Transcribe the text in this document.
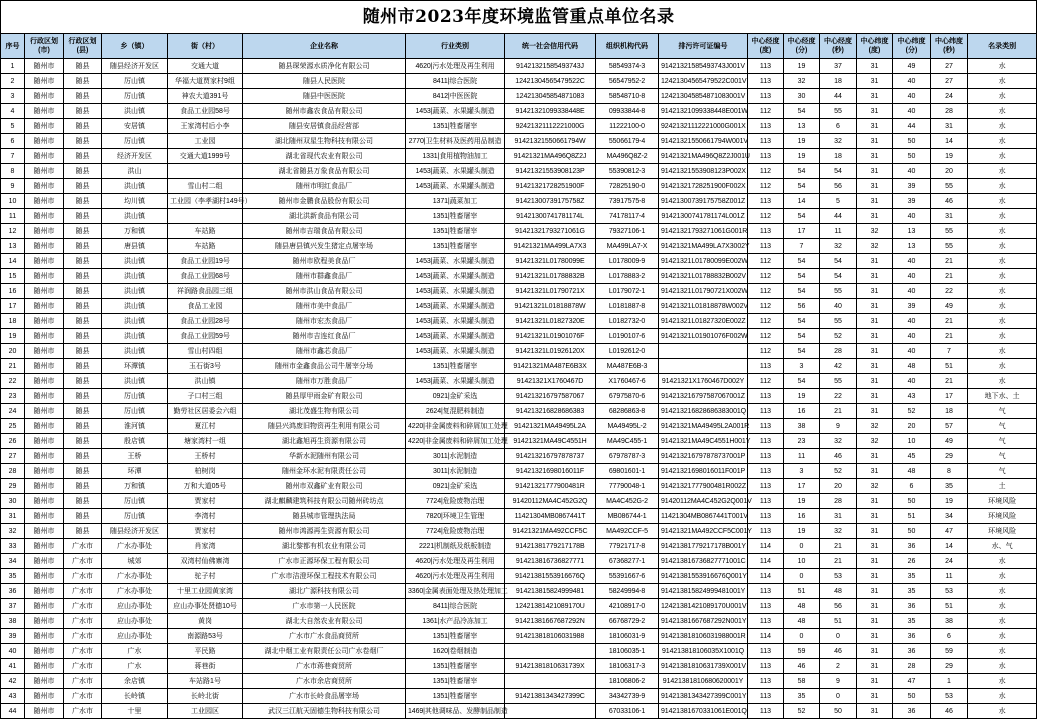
随州市2023年度环境监管重点单位名录																
序号	行政区划(市)	行政区划(县)	乡（镇）	街（村）	企业名称	行业类别	统一社会信用代码	组织机构代码	排污许可证编号	中心经度(度)	中心经度(分)	中心经度(秒)	中心纬度(度)	中心纬度(分)	中心纬度(秒)	名录类别
1	随州市	随县	随县经济开发区	交通大道	随县琛荣源水质净化有限公司	4620|污水处理及再生利用	91421321585493743J	58549374-3	91421321585493743J001V	113	19	37	31	49	27	水
2	随州市	随县	厉山镇	华福大道贾家村9组	随县人民医院	8411|综合医院	12421304565479522C	56547952-2	12421304565479522C001V	113	32	18	31	40	27	水
3	随州市	随县	厉山镇	神农大道391号	随县中医医院	8412|中医医院	124213045854871083	58548710-8	124213045854871083001V	113	30	44	31	40	24	水
4	随州市	随县	洪山镇	食品工业园58号	随州市鑫农食品有限公司	1453|蔬菜、水果罐头制造	91421321099338448E	09933844-8	91421321099338448E001W	112	54	55	31	40	28	水
5	随州市	随县	安居镇	王家湾村后小李	随县安居镇食品经营部	1351|牲畜屠宰	92421321112221000G	11222100-0	92421321112221000G001X	113	13	6	31	44	31	水
6	随州市	随县	厉山镇	工业园	湖北随州双星生物科技有限公司	2770|卫生材料及医药用品制造	91421321550661794W	55066179-4	91421321550661794W001V	113	19	32	31	50	14	水
7	随州市	随县	经济开发区	交通大道1999号	湖北省现代农业有限公司	1331|食用植物油加工	91421321MA496Q8Z2J	MA496Q8Z-2	91421321MA496Q8Z2J001U	113	19	18	31	50	19	水
8	随州市	随县	洪山		湖北省随县万象食品有限公司	1453|蔬菜、水果罐头制造	91421321553908123P	55390812-3	91421321553908123P002X	112	54	54	31	40	20	水
9	随州市	随县	洪山镇	雪山村二组	随州市明红食品厂	1453|蔬菜、水果罐头制造	91421321728251900F	72825190-0	91421321728251900F002X	112	54	56	31	39	55	水
10	随州市	随县	均川镇	工业园（李孝湖村149号）	随州市金鹏食品股份有限公司	1371|蔬菜加工	91421300739175758Z	73917575-8	91421300739175758Z001Z	113	14	5	31	39	46	水
11	随州市	随县	洪山镇		湖北洪新食品有限公司	1351|牲畜屠宰	91421300741781174L	74178117-4	91421300741781174L001Z	112	54	44	31	40	31	水
12	随州市	随县	万和镇	车站路	随州市吉瑞食品有限公司	1351|牲畜屠宰	91421321793271061G	79327106-1	91421321793271061G001R	113	17	11	32	13	55	水
13	随州市	随县	唐县镇	车站路	随县唐县镇兴发生猪定点屠宰场	1351|牲畜屠宰	91421321MA499LA7X3	MA499LA7-X	91421321MA499LA7X3002Y	113	7	32	32	13	55	水
14	随州市	随县	洪山镇	食品工业园19号	随州市欧程美食品厂	1453|蔬菜、水果罐头制造	91421321L01780099E	L0178009-9	91421321L01780099E002W	112	54	54	31	40	21	水
15	随州市	随县	洪山镇	食品工业园68号	随州市群鑫食品厂	1453|蔬菜、水果罐头制造	91421321L01788832B	L0178883-2	91421321L01788832B002V	112	54	54	31	40	21	水
16	随州市	随县	洪山镇	祥润路食品园三组	随州市洪山食品有限公司	1453|蔬菜、水果罐头制造	91421321L01790721X	L0179072-1	91421321L01790721X002W	112	54	55	31	40	22	水
17	随州市	随县	洪山镇	食品工业园	随州市美中食品厂	1453|蔬菜、水果罐头制造	91421321L01818878W	L0181887-8	91421321L01818878W002V	112	56	40	31	39	49	水
18	随州市	随县	洪山镇	食品工业园28号	随州市宏杰食品厂	1453|蔬菜、水果罐头制造	91421321L01827320E	L0182732-0	91421321L01827320E002Z	112	54	55	31	40	21	水
19	随州市	随县	洪山镇	食品工业园59号	随州市吉连红食品厂	1453|蔬菜、水果罐头制造	91421321L01901076F	L0190107-6	91421321L01901076F002W	112	54	52	31	40	21	水
20	随州市	随县	洪山镇	雪山村四组	随州市鑫芯食品厂	1453|蔬菜、水果罐头制造	91421321L01926120X	L0192612-0		112	54	28	31	40	7	水
21	随州市	随县	环潭镇	玉石街3号	随州市金鑫食品公司牛屠宰分场	1351|牲畜屠宰	91421321MA487E6B3X	MA487E6B-3		113	3	42	31	48	51	水
22	随州市	随县	洪山镇	洪山镇	随州市万胜食品厂	1453|蔬菜、水果罐头制造	91421321X1760467D	X1760467-6	91421321X1760467D002Y	112	54	55	31	40	21	水
23	随州市	随县	厉山镇	子口村三组	随县厚甲雨金矿有限公司	0921|金矿采选	914213216797587067	67975870-6	914213216797587067001Z	113	19	22	31	43	17	地下水、土
24	随州市	随县	厉山镇	勤劳社区居委会六组	湖北茂盛生物有限公司	2624|复混肥料制造	914213216828686383	68286863-8	914213216828686383001Q	113	16	21	31	52	18	气
25	随州市	随县	淮河镇	夏江村	随县兴鸿废旧物资再生利用有限公司	4220|非金属废料和碎屑加工处理	91421321MA49495L2A	MA49495L-2	91421321MA49495L2A001R	113	38	9	32	20	57	气
26	随州市	随县	殷店镇	塘家湾村一组	湖北鑫旭再生资源有限公司	4220|非金属废料和碎屑加工处理	91421321MA49C4551H	MA49C455-1	91421321MA49C4551H001Y	113	23	32	32	10	49	气
27	随州市	随县	王桥	王桥村	华新水泥随州有限公司	3011|水泥制造	914213216797878737	67978787-3	914213216797878737001P	113	11	46	31	45	29	气
28	随州市	随县	环潭	柏树岗	随州金环水泥有限责任公司	3011|水泥制造	91421321698016011F	69801601-1	91421321698016011F001P	113	3	52	31	48	8	气
29	随州市	随县	万和镇	万和大道05号	随州市双鑫矿业有限公司	0921|金矿采选	91421321777900481R	77790048-1	91421321777900481R002Z	113	17	20	32	6	35	土
30	随州市	随县	厉山镇	贾家村	湖北麒麟建筑科技有限公司随州砖坊点	7724|危险废物治理	91420112MA4C452G2Q	MA4C452G-2	91420112MA4C452G2Q001V	113	19	28	31	50	19	环境风险
31	随州市	随县	厉山镇	李湾村	随县城市管理执法局	7820|环境卫生管理	11421304MB0867441T	MB086744-1	11421304MB0867441T001V	113	16	31	31	51	34	环境风险
32	随州市	随县	随县经济开发区	贾家村	随州市鸿源再生资源有限公司	7724|危险废物治理	91421321MA492CCF5C	MA492CCF-5	91421321MA492CCF5C001Y	113	19	32	31	50	47	环境风险
33	随州市	广水市	广水办事处	肖家湾	湖北黎都有机农业有限公司	2221|机制纸及纸板制造	91421381779217178B	77921717-8	91421381779217178B001Y	114	0	21	31	36	14	水、气
34	随州市	广水市	城郊	双湾村仙佛寨湾	广水市正源环保工程有限公司	4620|污水处理及再生利用	914213816736827771	67368277-1	914213816736827771001C	114	10	21	31	26	24	水
35	随州市	广水市	广水办事处	驼子村	广水市洁澄环保工程技术有限公司	4620|污水处理及再生利用	91421381553916676Q	55391667-6	91421381553916676Q001Y	114	0	53	31	35	11	水
36	随州市	广水市	广水办事处	十里工业园黄家湾	湖北广源科技有限公司	3360|金属表面处理及热处理加工	914213815824999481	58249994-8	914213815824999481001Y	113	51	48	31	35	53	水
37	随州市	广水市	应山办事处	应山办事处贤德10号	广水市第一人民医院	8411|综合医院	12421381421089170U	42108917-0	12421381421089170U001V	113	48	56	31	36	51	水
38	随州市	广水市	应山办事处	黄岗	湖北大自然农业有限公司	1361|水产品冷冻加工	91421381667687292N	66768729-2	91421381667687292N001Y	113	48	51	31	35	38	水
39	随州市	广水市	应山办事处	南源路53号	广水市广水食品商贸所	1351|牲畜屠宰	914213818106031988	18106031-9	914213818106031988001R	114	0	0	31	36	6	水
40	随州市	广水市	广水	平民路	湖北中烟工业有限责任公司广水卷烟厂	1620|卷烟制造		18106035-1	914213818106035X1001Q	113	59	46	31	36	59	水
41	随州市	广水市	广水	蒋巷街	广水市蒋巷商贸所	1351|牲畜屠宰	91421381810631739X	18106317-3	91421381810631739X001V	113	46	2	31	28	29	水
42	随州市	广水市	余店镇	车站路1号	广水市余店商贸所	1351|牲畜屠宰		18106806-2	91421381810680620001Y	113	58	9	31	47	1	水
43	随州市	广水市	长岭镇	长岭北街	广水市长岭食品屠宰场	1351|牲畜屠宰	91421381343427399C	34342739-9	91421381343427399C001Y	113	35	0	31	50	53	水
44	随州市	广水市	十里	工业园区	武汉三江航天固德生物科技有限公司	1469|其他调味品、发酵制品制造		67033106-1	91421381670331061E001Q	113	52	50	31	36	46	水
